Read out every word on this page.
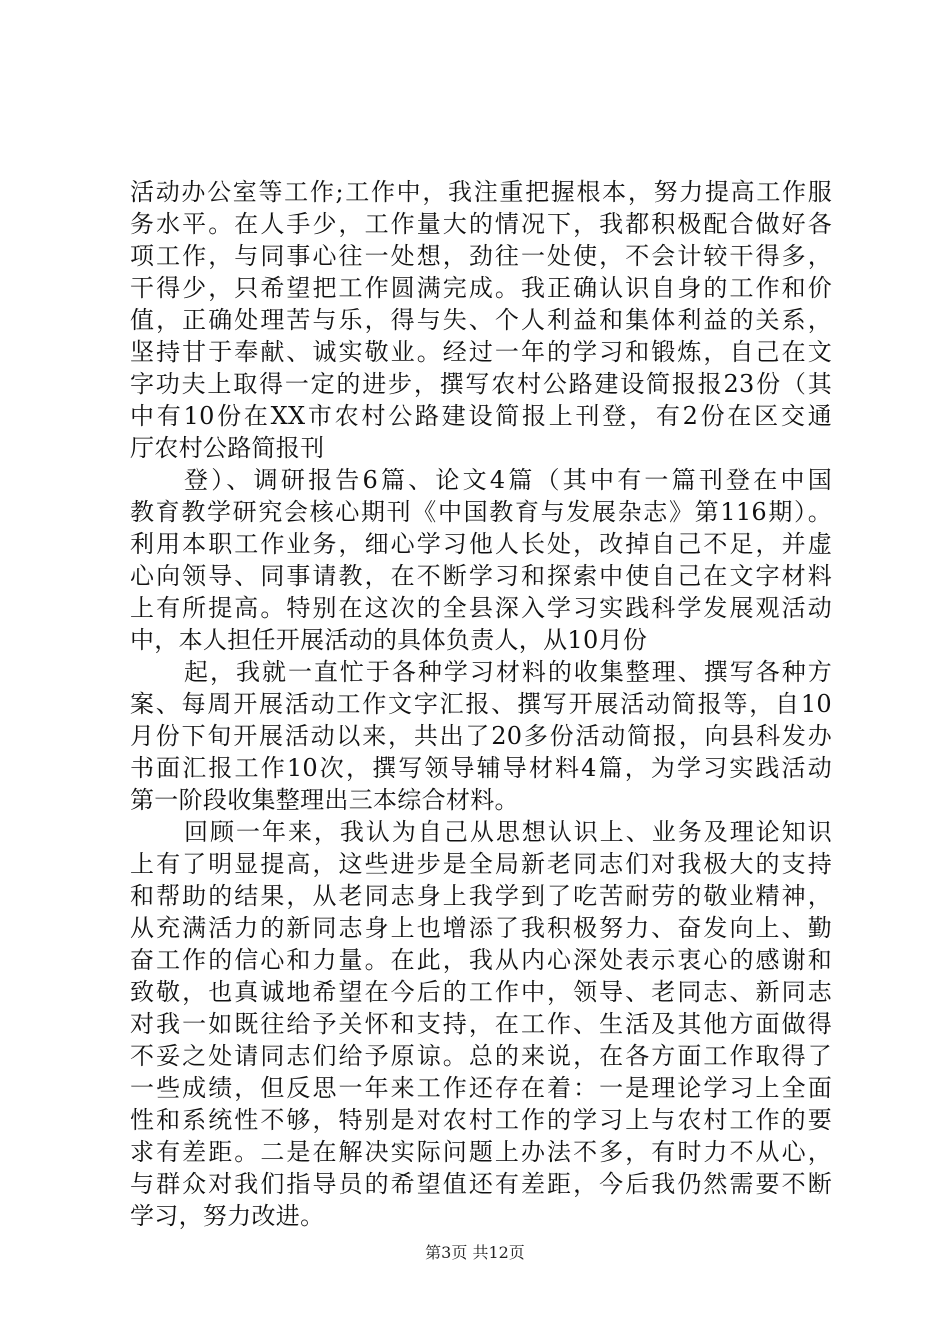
活动办公室等工作;工作中，我注重把握根本，努力提高工作服
务水平。在人手少，工作量大的情况下，我都积极配合做好各
项工作，与同事心往一处想，劲往一处使，不会计较干得多，
干得少，只希望把工作圆满完成。我正确认识自身的工作和价
值，正确处理苦与乐，得与失、个人利益和集体利益的关系，
坚持甘于奉献、诚实敬业。经过一年的学习和锻炼，自己在文
字功夫上取得一定的进步，撰写农村公路建设简报报23份（其
中有10份在XX市农村公路建设简报上刊登，有2份在区交通
厅农村公路简报刊
登）、调研报告6篇、论文4篇（其中有一篇刊登在中国
教育教学研究会核心期刊《中国教育与发展杂志》第116期）。
利用本职工作业务，细心学习他人长处，改掉自己不足，并虚
心向领导、同事请教，在不断学习和探索中使自己在文字材料
上有所提高。特别在这次的全县深入学习实践科学发展观活动
中，本人担任开展活动的具体负责人，从10月份
起，我就一直忙于各种学习材料的收集整理、撰写各种方
案、每周开展活动工作文字汇报、撰写开展活动简报等，自10
月份下旬开展活动以来，共出了20多份活动简报，向县科发办
书面汇报工作10次，撰写领导辅导材料4篇，为学习实践活动
第一阶段收集整理出三本综合材料。
回顾一年来，我认为自己从思想认识上、业务及理论知识
上有了明显提高，这些进步是全局新老同志们对我极大的支持
和帮助的结果，从老同志身上我学到了吃苦耐劳的敬业精神，
从充满活力的新同志身上也增添了我积极努力、奋发向上、勤
奋工作的信心和力量。在此，我从内心深处表示衷心的感谢和
致敬，也真诚地希望在今后的工作中，领导、老同志、新同志
对我一如既往给予关怀和支持，在工作、生活及其他方面做得
不妥之处请同志们给予原谅。总的来说，在各方面工作取得了
一些成绩，但反思一年来工作还存在着：一是理论学习上全面
性和系统性不够，特别是对农村工作的学习上与农村工作的要
求有差距。二是在解决实际问题上办法不多，有时力不从心，
与群众对我们指导员的希望值还有差距，今后我仍然需要不断
学习，努力改进。
第3页 共12页
